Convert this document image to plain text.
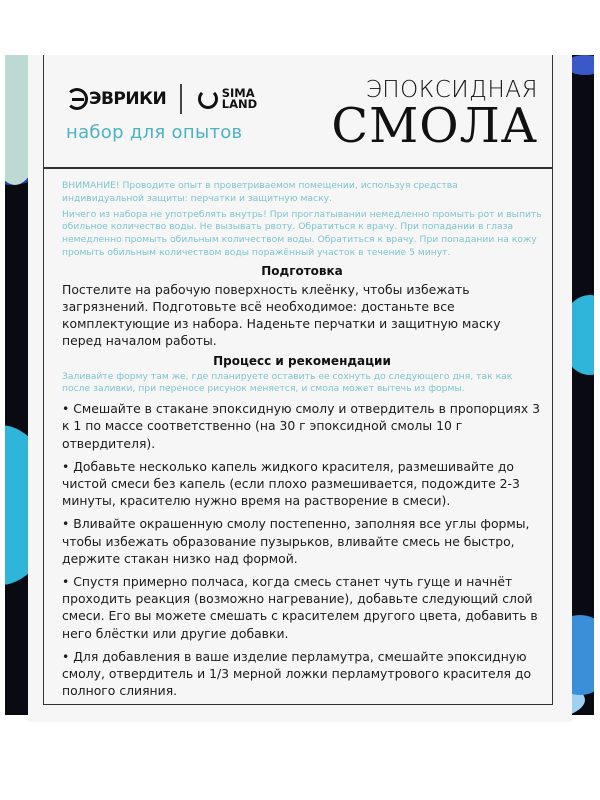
ЭВРИКИ	SIMA
LAND
набор для опытов
ЭПОКСИДНАЯ
СМОЛА

ВНИМАНИЕ! Проводите опыт в проветриваемом помещении, используя средства индивидуальной защиты: перчатки и защитную маску.

Ничего из набора не употреблять внутрь! При проглатывании немедленно промыть рот и выпить обильное количество воды. Не вызывать рвоту. Обратиться к врачу. При попадании в глаза немедленно промыть обильным количеством воды. Обратиться к врачу. При попадании на кожу промыть обильным количеством воды поражённый участок в течение 5 минут.

Подготовка

Постелите на рабочую поверхность клеёнку, чтобы избежать загрязнений. Подготовьте всё необходимое: достаньте все комплектующие из набора. Наденьте перчатки и защитную маску перед началом работы.

Процесс и рекомендации

Заливайте форму там же, где планируете оставить ее сохнуть до следующего дня, так как после заливки, при переносе рисунок меняется, и смола может вытечь из формы.

• Смешайте в стакане эпоксидную смолу и отвердитель в пропорциях 3 к 1 по массе соответственно (на 30 г эпоксидной смолы 10 г отвердителя).

• Добавьте несколько капель жидкого красителя, размешивайте до чистой смеси без капель (если плохо размешивается, подождите 2-3 минуты, красителю нужно время на растворение в смеси).

• Вливайте окрашенную смолу постепенно, заполняя все углы формы, чтобы избежать образование пузырьков, вливайте смесь не быстро, держите стакан низко над формой.

• Спустя примерно полчаса, когда смесь станет чуть гуще и начнёт проходить реакция (возможно нагревание), добавьте следующий слой смеси. Его вы можете смешать с красителем другого цвета, добавить в него блёстки или другие добавки.

• Для добавления в ваше изделие перламутра, смешайте эпоксидную смолу, отвердитель и 1/3 мерной ложки перламутрового красителя до полного слияния.
